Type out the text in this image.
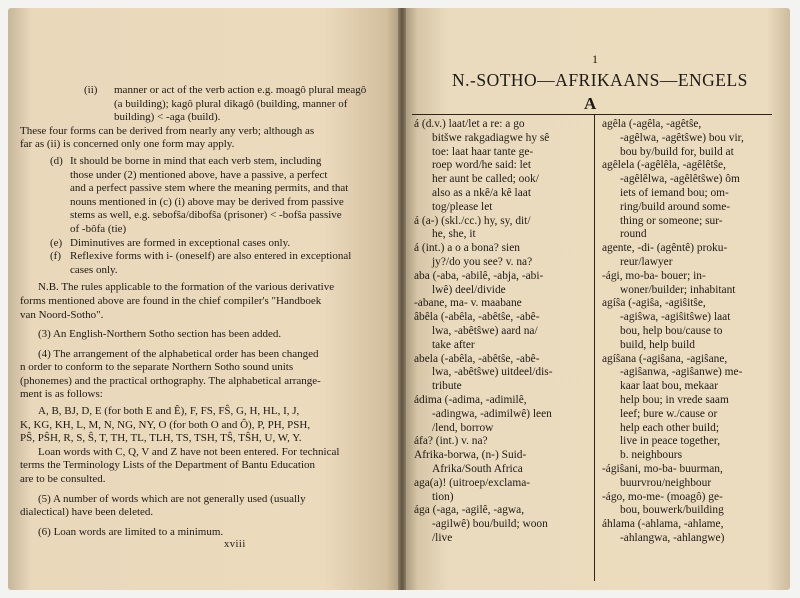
(ii)	manner or act of the verb action e.g. moagô plural meagô
(a building); kagô plural dikagô (building, manner of
building) < -aga (build).
These four forms can be derived from nearly any verb; although as
far as (ii) is concerned only one form may apply.
(d) It should be borne in mind that each verb stem, including
those under (2) mentioned above, have a passive, a perfect
and a perfect passive stem where the meaning permits, and that
nouns mentioned in (c) (i) above may be derived from passive
stems as well, e.g. sebofŝa/dibofŝa (prisoner) < -bofŝa passive
of -bôfa (tie)
(e) Diminutives are formed in exceptional cases only.
(f) Reflexive forms with i- (oneself) are also entered in exceptional
cases only.
N.B. The rules applicable to the formation of the various derivative
forms mentioned above are found in the chief compiler's "Handboek
van Noord-Sotho".
(3) An English-Northern Sotho section has been added.
(4) The arrangement of the alphabetical order has been changed
n order to conform to the separate Northern Sotho sound units
(phonemes) and the practical orthography. The alphabetical arrange-
ment is as follows:
A, B, BJ, D, E (for both E and Ê), F, FS, FŜ, G, H, HL, I, J,
K, KG, KH, L, M, N, NG, NY, O (for both O and Ô), P, PH, PSH,
PŜ, PŜH, R, S, Ŝ, T, TH, TL, TLH, TS, TSH, TŜ, TŜH, U, W, Y.
Loan words with C, Q, V and Z have not been entered. For technical
terms the Terminology Lists of the Department of Bantu Education
are to be consulted.
(5) A number of words which are not generally used (usually
dialectical) have been deleted.
(6) Loan words are limited to a minimum.
xviii
1
N.-SOTHO—AFRIKAANS—ENGELS
A
á (d.v.) laat/let a re: a go
bitšwe rakgadiagwe hy sê
toe: laat haar tante ge-
roep word/he said: let
her aunt be called; ook/
also as a nkê/a kê laat
tog/please let
á (a-) (skl./cc.) hy, sy, dit/
he, she, it
á (int.) a o a bona? sien
jy?/do you see? v. na?
aba (-aba, -abilê, -abja, -abi-
lwê) deel/divide
-abane, ma- v. maabane
âbêla (-abêla, -abêtŝe, -abê-
lwa, -abêtŝwe) aard na/
take after
abela (-abêla, -abêtŝe, -abê-
lwa, -abêtŝwe) uitdeel/dis-
tribute
ádima (-adima, -adimilê,
-adingwa, -adimilwê) leen
/lend, borrow
áfa? (int.) v. na?
Afrika-borwa, (n-) Suid-
Afrika/South Africa
aga(a)! (uitroep/exclama-
tion)
ága (-aga, -agilê, -agwa,
-agilwê) bou/build; woon
/live
agêla (-agêla, -agêtŝe,
-agêlwa, -agêtŝwe) bou vir,
bou by/build for, build at
agêlela (-agêlêla, -agêlêtŝe,
-agêlêlwa, -agêlêtŝwe) ôm
iets of iemand bou; om-
ring/build around some-
thing or someone; sur-
round
agente, -di- (agêntê) proku-
reur/lawyer
-ági, mo-ba- bouer; in-
woner/builder; inhabitant
agíŝa (-agiŝa, -agiŝitŝe,
-agiŝwa, -agiŝitŝwe) laat
bou, help bou/cause to
build, help build
agíŝana (-agiŝana, -agiŝane,
-agiŝanwa, -agiŝanwe) me-
kaar laat bou, mekaar
help bou; in vrede saam
leef; bure w./cause or
help each other build;
live in peace together,
b. neighbours
-ágiŝani, mo-ba- buurman,
buurvrou/neighbour
-ágo, mo-me- (moagô) ge-
bou, bouwerk/building
áhlama (-ahlama, -ahlame,
-ahlangwa, -ahlangwe)
